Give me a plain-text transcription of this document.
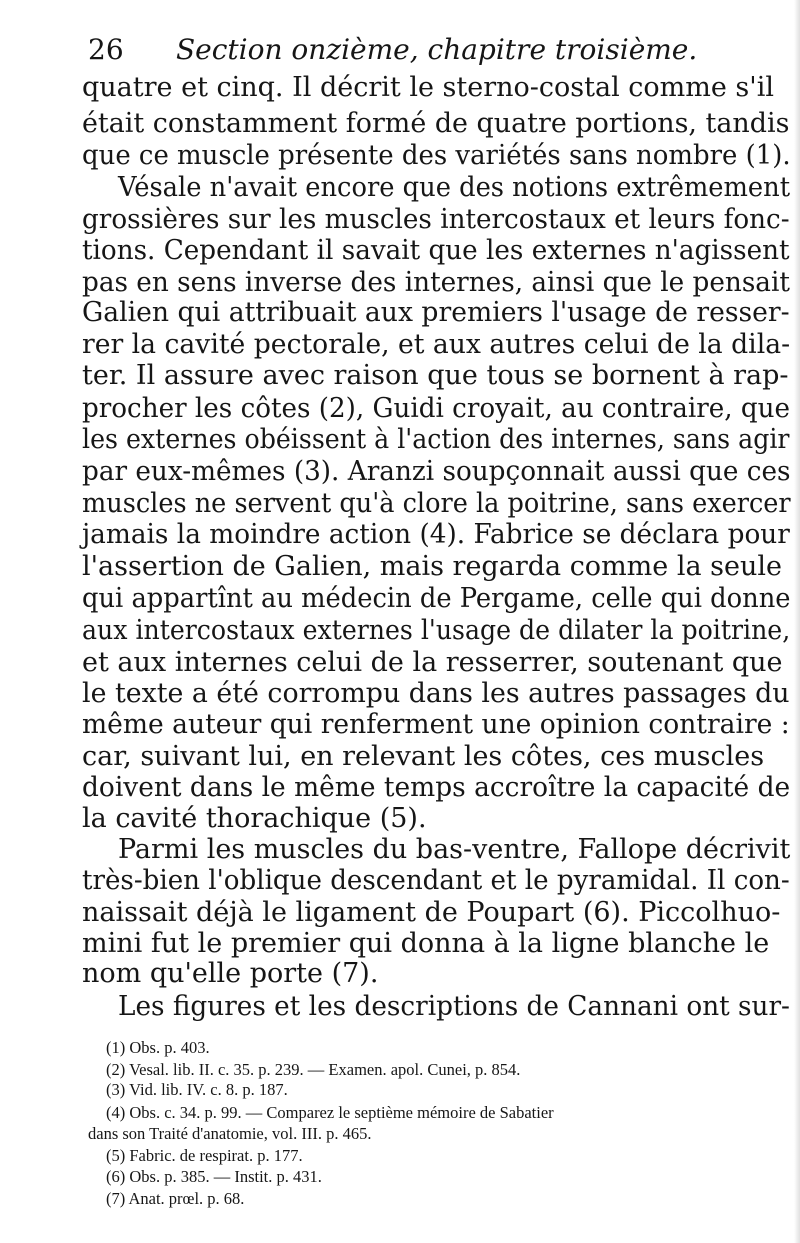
26 Section onzième, chapitre troisième.
quatre et cinq. Il décrit le sterno-costal comme s'il
était constamment formé de quatre portions, tandis
que ce muscle présente des variétés sans nombre (1).
Vésale n'avait encore que des notions extrêmement
grossières sur les muscles intercostaux et leurs fonc-
tions. Cependant il savait que les externes n'agissent
pas en sens inverse des internes, ainsi que le pensait
Galien qui attribuait aux premiers l'usage de resser-
rer la cavité pectorale, et aux autres celui de la dila-
ter. Il assure avec raison que tous se bornent à rap-
procher les côtes (2), Guidi croyait, au contraire, que
les externes obéissent à l'action des internes, sans agir
par eux-mêmes (3). Aranzi soupçonnait aussi que ces
muscles ne servent qu'à clore la poitrine, sans exercer
jamais la moindre action (4). Fabrice se déclara pour
l'assertion de Galien, mais regarda comme la seule
qui appartînt au médecin de Pergame, celle qui donne
aux intercostaux externes l'usage de dilater la poitrine,
et aux internes celui de la resserrer, soutenant que
le texte a été corrompu dans les autres passages du
même auteur qui renferment une opinion contraire :
car, suivant lui, en relevant les côtes, ces muscles
doivent dans le même temps accroître la capacité de
la cavité thorachique (5).
Parmi les muscles du bas-ventre, Fallope décrivit
très-bien l'oblique descendant et le pyramidal. Il con-
naissait déjà le ligament de Poupart (6). Piccolhuo-
mini fut le premier qui donna à la ligne blanche le
nom qu'elle porte (7).
Les figures et les descriptions de Cannani ont sur-
(1) Obs. p. 403.
(2) Vesal. lib. II. c. 35. p. 239. — Examen. apol. Cunei, p. 854.
(3) Vid. lib. IV. c. 8. p. 187.
(4) Obs. c. 34. p. 99. — Comparez le septième mémoire de Sabatier
dans son Traité d'anatomie, vol. III. p. 465.
(5) Fabric. de respirat. p. 177.
(6) Obs. p. 385. — Instit. p. 431.
(7) Anat. prœl. p. 68.
